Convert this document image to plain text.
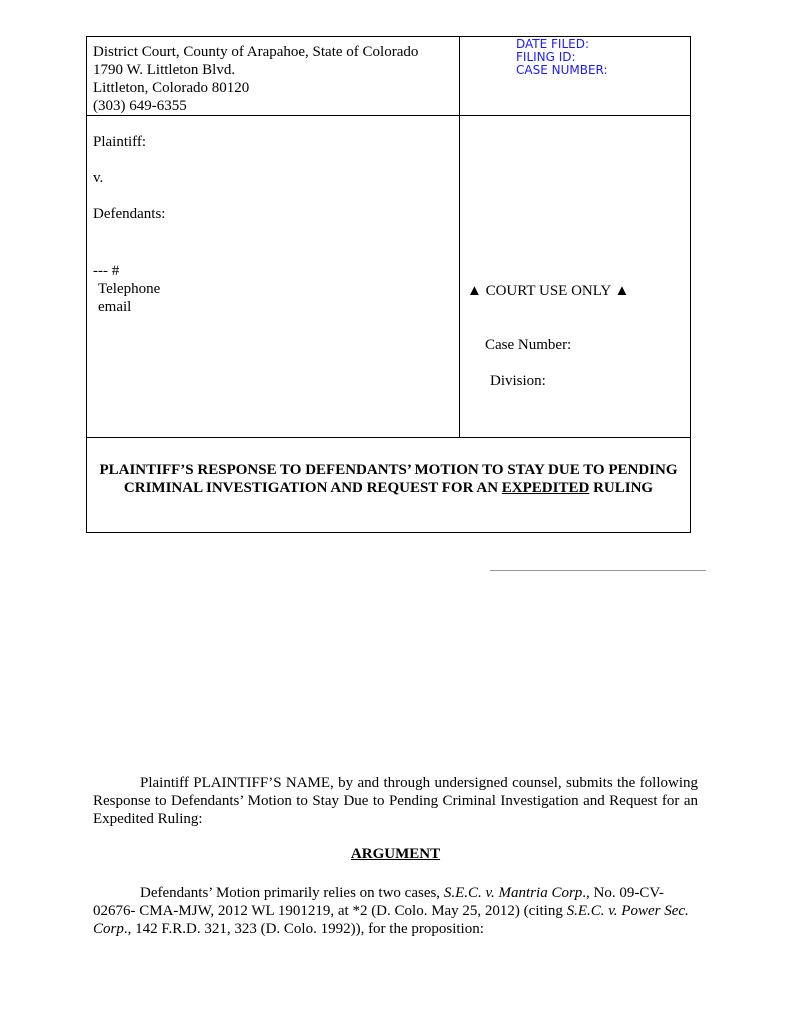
District Court, County of Arapahoe, State of Colorado
1790 W. Littleton Blvd.
Littleton, Colorado 80120
(303) 649-6355
DATE FILED:
FILING ID:
CASE NUMBER:
Plaintiff:
v.
Defendants:
--- #
Telephone
email
▲ COURT USE ONLY ▲
Case Number:
Division:
PLAINTIFF’S RESPONSE TO DEFENDANTS’ MOTION TO STAY DUE TO PENDING CRIMINAL INVESTIGATION AND REQUEST FOR AN EXPEDITED RULING
Plaintiff PLAINTIFF’S NAME, by and through undersigned counsel, submits the following Response to Defendants’ Motion to Stay Due to Pending Criminal Investigation and Request for an Expedited Ruling:
ARGUMENT
Defendants’ Motion primarily relies on two cases, S.E.C. v. Mantria Corp., No. 09-CV-02676- CMA-MJW, 2012 WL 1901219, at *2 (D. Colo. May 25, 2012) (citing S.E.C. v. Power Sec. Corp., 142 F.R.D. 321, 323 (D. Colo. 1992)), for the proposition:
